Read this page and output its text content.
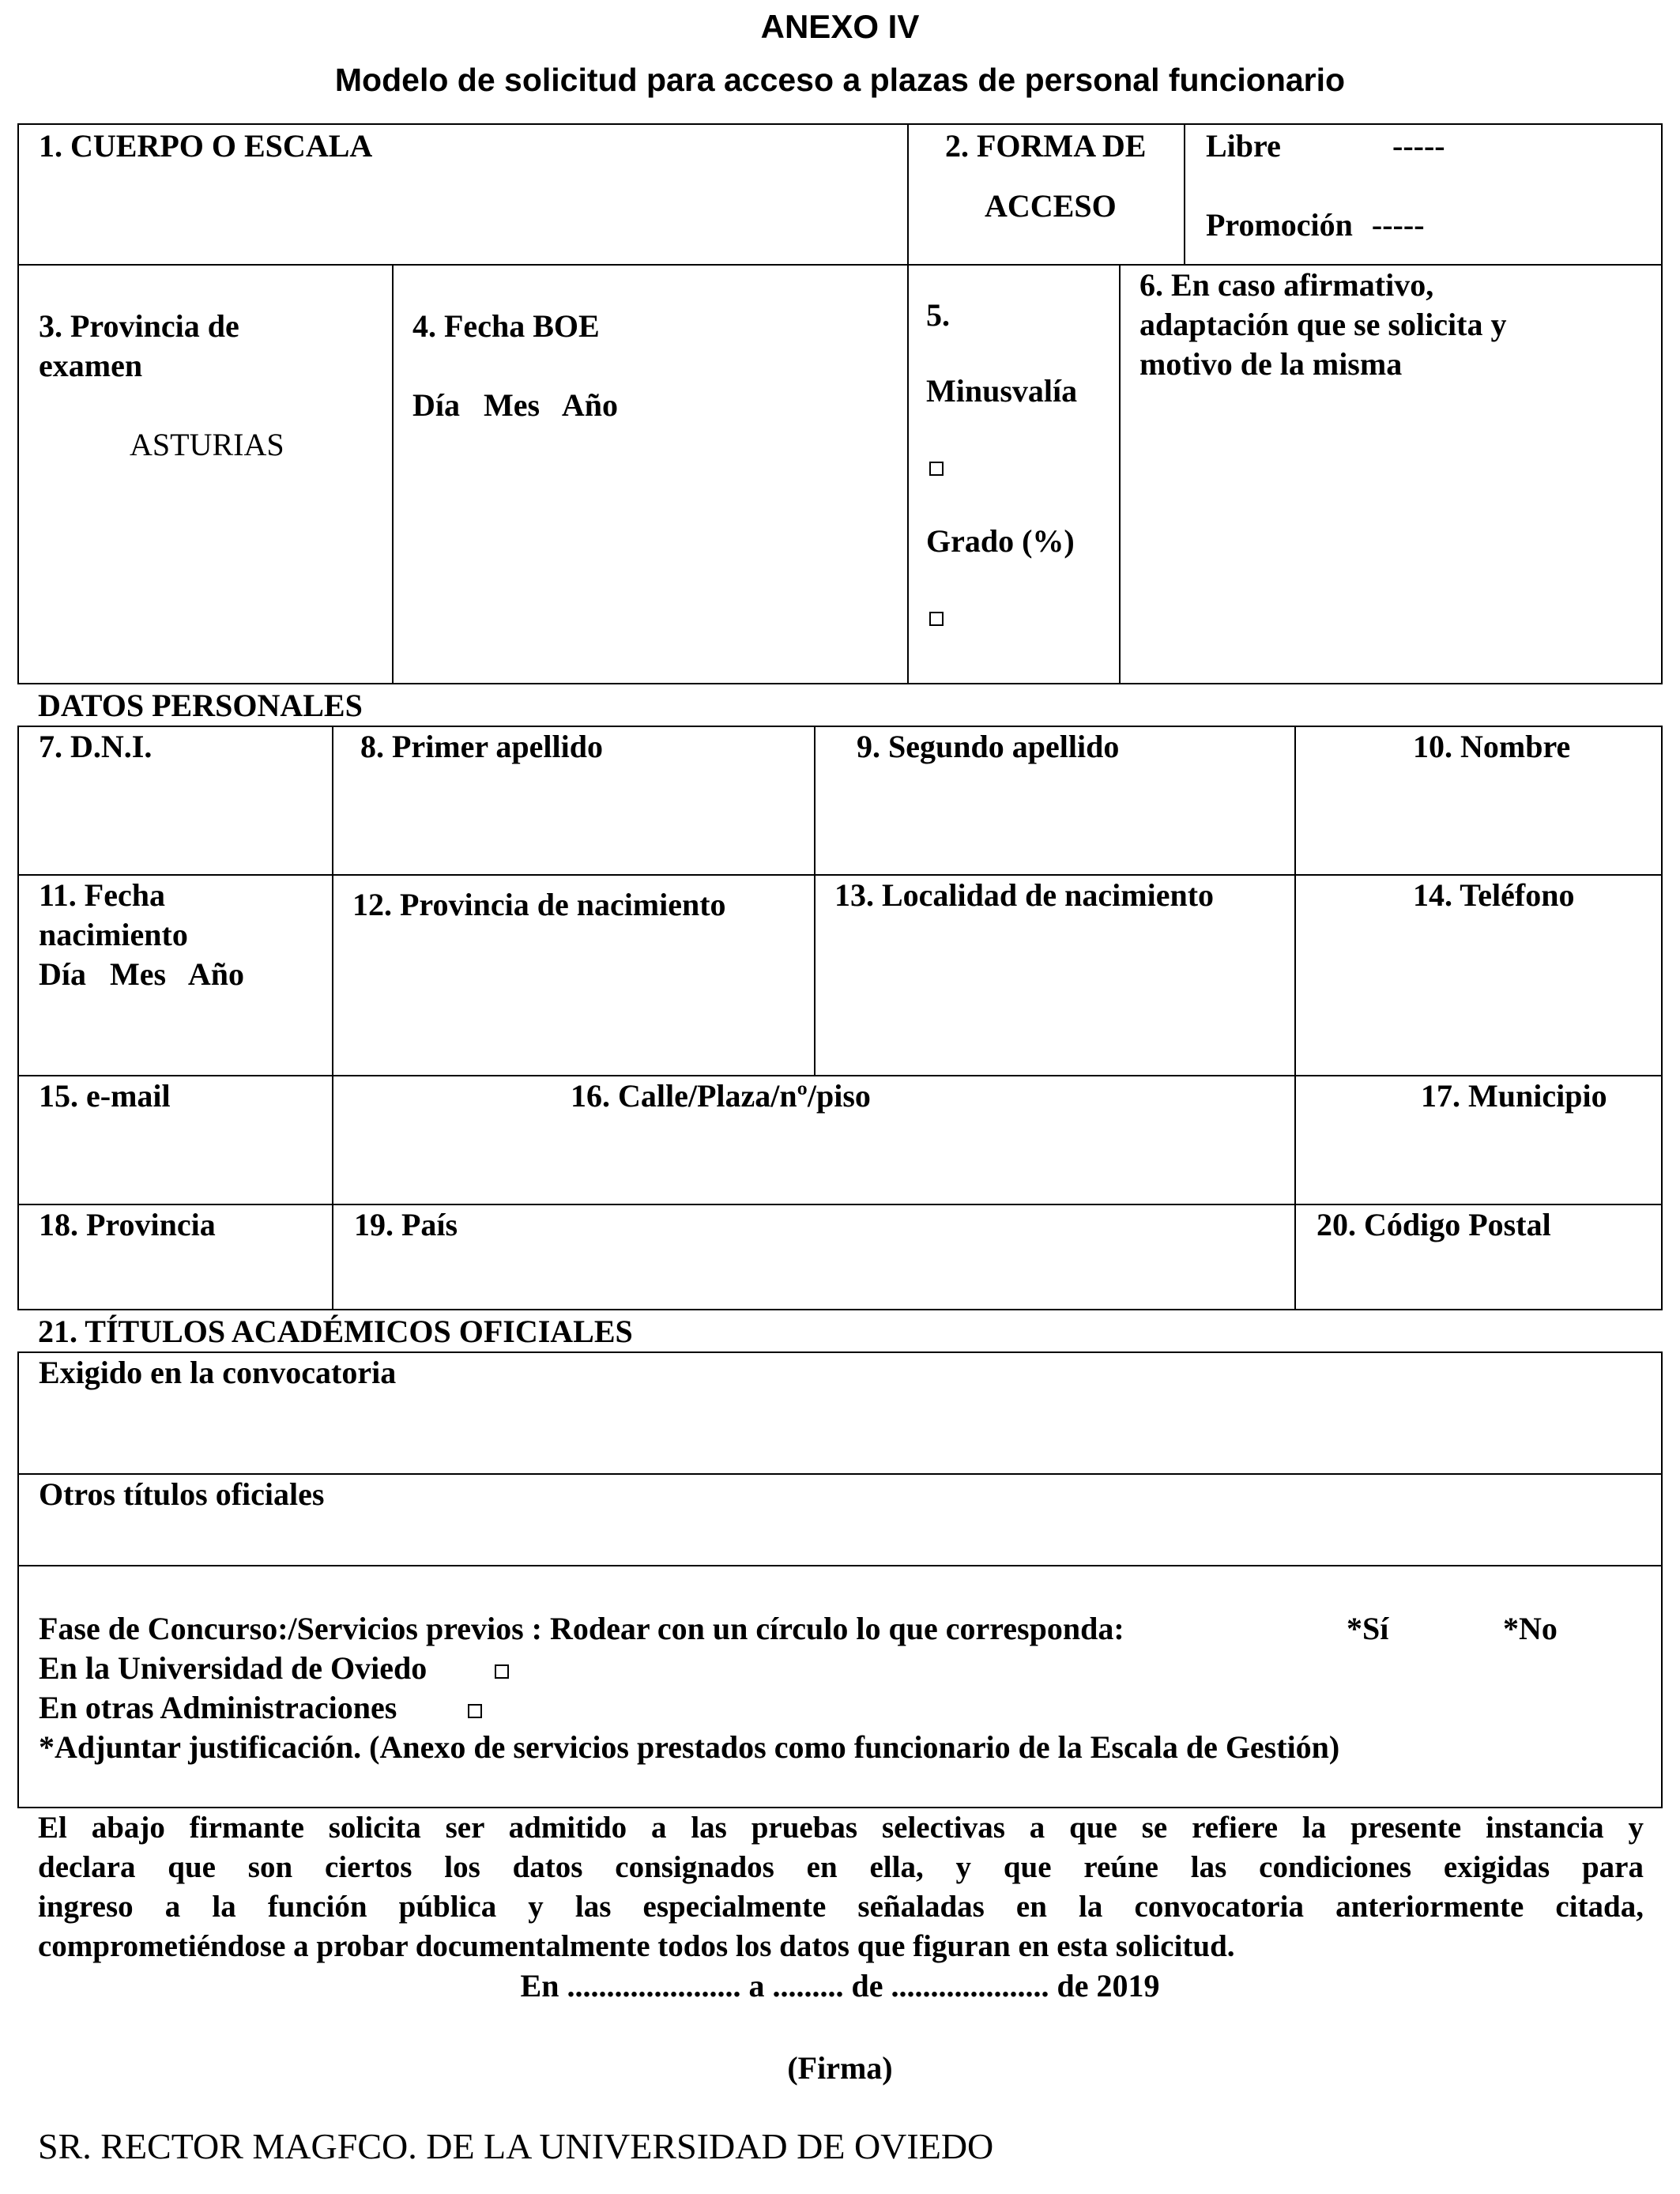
ANEXO IV
Modelo de solicitud para acceso a plazas de personal funcionario
1. CUERPO O ESCALA	2. FORMA DE
ACCESO
Libre	-----
Promoción -----
3. Provincia de
examen
ASTURIAS
4. Fecha BOE
Día   Mes   Año
5.
Minusvalía
Grado (%)
6. En caso afirmativo,
adaptación que se solicita y
motivo de la misma
DATOS PERSONALES
7. D.N.I.	8. Primer apellido	9. Segundo apellido	10. Nombre
11. Fecha
nacimiento
Día   Mes   Año
12. Provincia de nacimiento	13. Localidad de nacimiento	14. Teléfono
15. e-mail	16. Calle/Plaza/nº/piso	17. Municipio
18. Provincia	19. País	20. Código Postal
21. TÍTULOS ACADÉMICOS OFICIALES
Exigido en la convocatoria
Otros títulos oficiales
Fase de Concurso:/Servicios previos : Rodear con un círculo lo que corresponda:	*Sí	*No
En la Universidad de Oviedo
En otras Administraciones
*Adjuntar justificación. (Anexo de servicios prestados como funcionario de la Escala de Gestión)
El abajo firmante solicita ser admitido a las pruebas selectivas a que se refiere la presente instancia y
declara que son ciertos los datos consignados en ella, y que reúne las condiciones exigidas para
ingreso a la función pública y las especialmente señaladas en la convocatoria anteriormente citada,
comprometiéndose a probar documentalmente todos los datos que figuran en esta solicitud.
En ...................... a ......... de .................... de 2019
(Firma)
SR. RECTOR MAGFCO. DE LA UNIVERSIDAD DE OVIEDO
